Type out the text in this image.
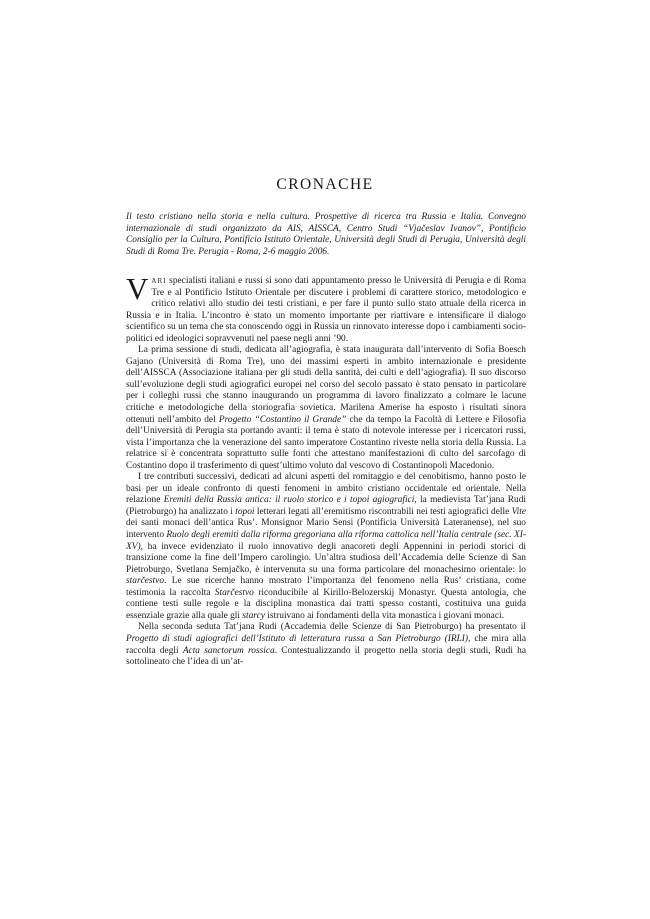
CRONACHE
Il testo cristiano nella storia e nella cultura. Prospettive di ricerca tra Russia e Italia. Convegno internazionale di studi organizzato da AIS, AISSCA, Centro Studi “Vjačeslav Ivanov”, Pontificio Consiglio per la Cultura, Pontificio Istituto Orientale, Università degli Studi di Perugia, Università degli Studi di Roma Tre. Perugia - Roma, 2-6 maggio 2006.

VARI specialisti italiani e russi si sono dati appuntamento presso le Università di Perugia e di Roma Tre e al Pontificio Istituto Orientale per discutere i problemi di carattere storico, metodologico e critico relativi allo studio dei testi cristiani, e per fare il punto sullo stato attuale della ricerca in Russia e in Italia. L’incontro è stato un momento importante per riattivare e intensificare il dialogo scientifico su un tema che sta conoscendo oggi in Russia un rinnovato interesse dopo i cambiamenti socio-politici ed ideologici sopravvenuti nel paese negli anni ’90.

La prima sessione di studi, dedicata all’agiografia, è stata inaugurata dall’intervento di Sofia Boesch Gajano (Università di Roma Tre), uno dei massimi esperti in ambito internazionale e presidente dell’AISSCA (Associazione italiana per gli studi della santità, dei culti e dell’agiografia). Il suo discorso sull’evoluzione degli studi agiografici europei nel corso del secolo passato è stato pensato in particolare per i colleghi russi che stanno inaugurando un programma di lavoro finalizzato a colmare le lacune critiche e metodologiche della storiografia sovietica. Marilena Amerise ha esposto i risultati sinora ottenuti nell’ambito del Progetto “Costantino il Grande” che da tempo la Facoltà di Lettere e Filosofia dell’Università di Perugia sta portando avanti: il tema è stato di notevole interesse per i ricercatori russi, vista l’importanza che la venerazione del santo imperatore Costantino riveste nella storia della Russia. La relatrice si è concentrata soprattutto sulle fonti che attestano manifestazioni di culto del sarcofago di Costantino dopo il trasferimento di quest’ultimo voluto dal vescovo di Costantinopoli Macedonio.

I tre contributi successivi, dedicati ad alcuni aspetti del romitaggio e del cenobitismo, hanno posto le basi per un ideale confronto di questi fenomeni in ambito cristiano occidentale ed orientale. Nella relazione Eremiti della Russia antica: il ruolo storico e i topoi agiografici, la medievista Tat’jana Rudi (Pietroburgo) ha analizzato i topoi letterari legati all’eremitismo riscontrabili nei testi agiografici delle Vite dei santi monaci dell’antica Rus’. Monsignor Mario Sensi (Pontificia Università Lateranense), nel suo intervento Ruolo degli eremiti dalla riforma gregoriana alla riforma cattolica nell’Italia centrale (sec. XI-XV), ha invece evidenziato il ruolo innovativo degli anacoreti degli Appennini in periodi storici di transizione come la fine dell’Impero carolingio. Un’altra studiosa dell’Accademia delle Scienze di San Pietroburgo, Svetlana Semjačko, è intervenuta su una forma particolare del monachesimo orientale: lo starčestvo. Le sue ricerche hanno mostrato l’importanza del fenomeno nella Rus’ cristiana, come testimonia la raccolta Starčestvo riconducibile al Kirillo-Belozerskij Monastyr. Questa antologia, che contiene testi sulle regole e la disciplina monastica dai tratti spesso costanti, costituiva una guida essenziale grazie alla quale gli starcy istruivano ai fondamenti della vita monastica i giovani monaci.

Nella seconda seduta Tat’jana Rudi (Accademia delle Scienze di San Pietroburgo) ha presentato il Progetto di studi agiografici dell’Istituto di letteratura russa a San Pietroburgo (IRLI), che mira alla raccolta degli Acta sanctorum rossica. Contestualizzando il progetto nella storia degli studi, Rudi ha sottolineato che l’idea di un’at-
